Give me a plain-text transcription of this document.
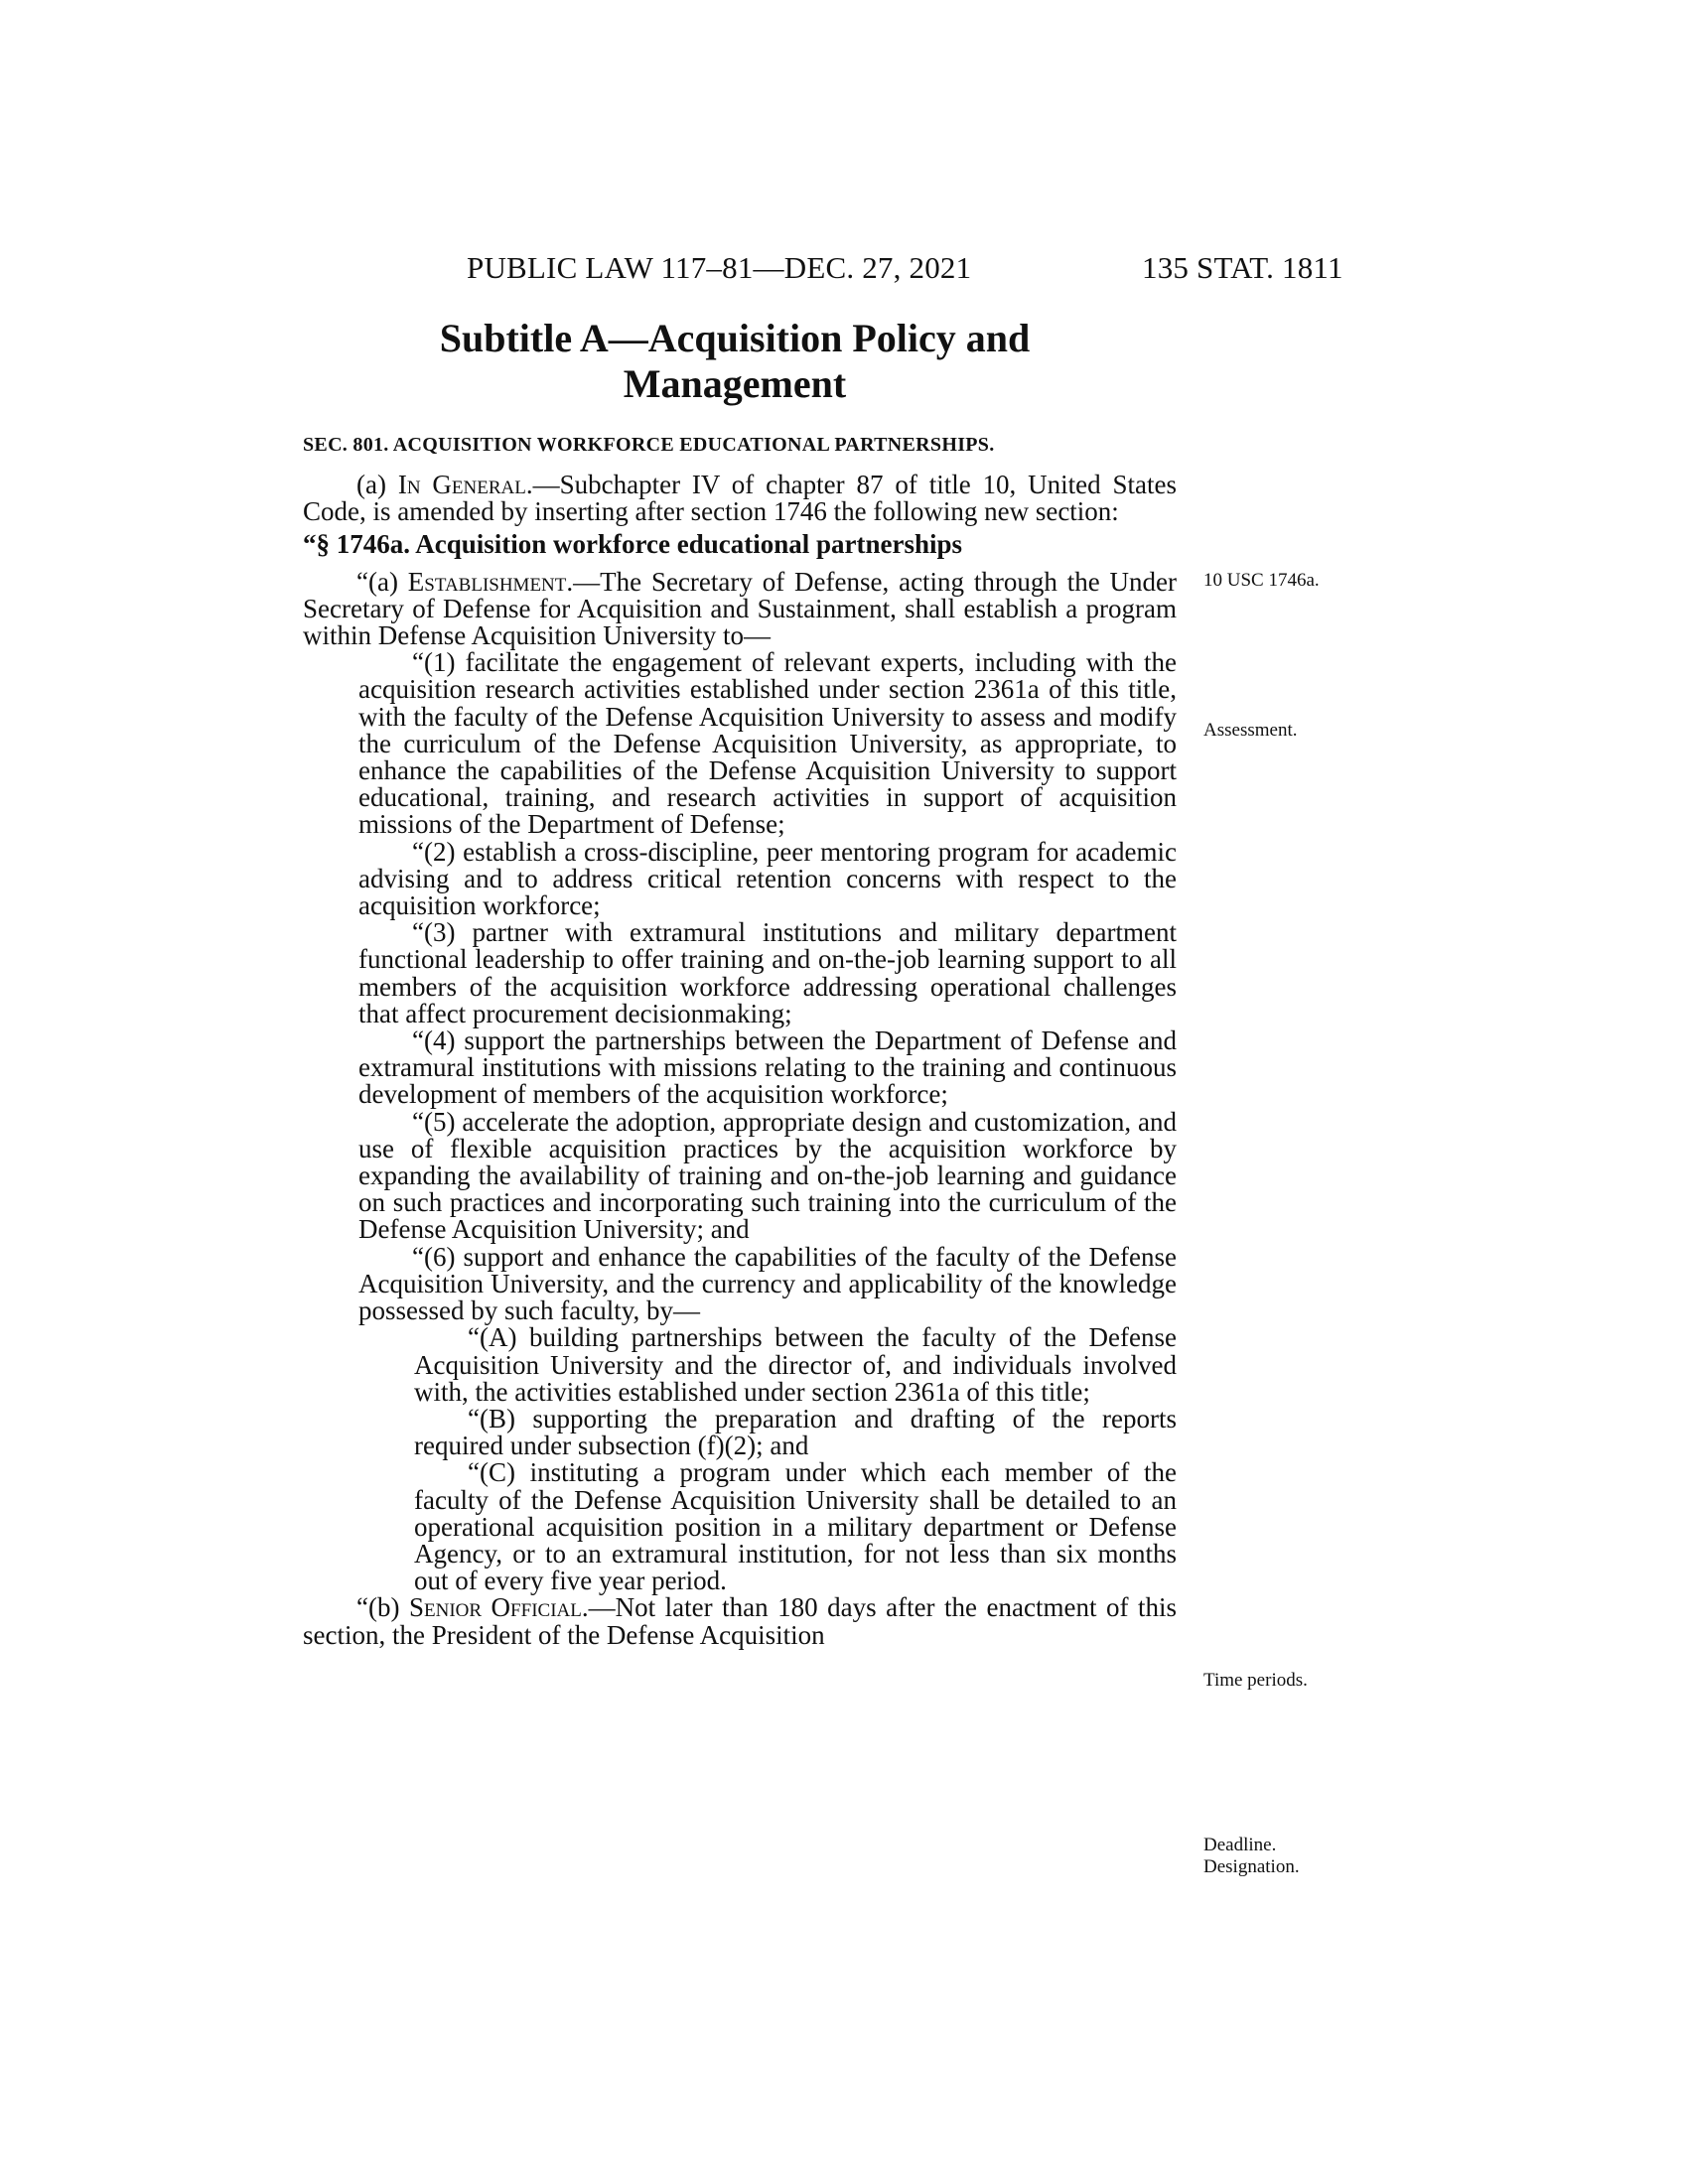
PUBLIC LAW 117–81—DEC. 27, 2021	135 STAT. 1811
Subtitle A—Acquisition Policy and
Management
SEC. 801. ACQUISITION WORKFORCE EDUCATIONAL PARTNERSHIPS.

(a) In General.—Subchapter IV of chapter 87 of title 10, United States Code, is amended by inserting after section 1746 the following new section:

“§ 1746a. Acquisition workforce educational partnerships

“(a) Establishment.—The Secretary of Defense, acting through the Under Secretary of Defense for Acquisition and Sustainment, shall establish a program within Defense Acquisition University to—

“(1) facilitate the engagement of relevant experts, including with the acquisition research activities established under section 2361a of this title, with the faculty of the Defense Acquisition University to assess and modify the curriculum of the Defense Acquisition University, as appropriate, to enhance the capabilities of the Defense Acquisition University to support educational, training, and research activities in support of acquisition missions of the Department of Defense;

“(2) establish a cross-discipline, peer mentoring program for academic advising and to address critical retention concerns with respect to the acquisition workforce;

“(3) partner with extramural institutions and military department functional leadership to offer training and on-the-job learning support to all members of the acquisition workforce addressing operational challenges that affect procurement decisionmaking;

“(4) support the partnerships between the Department of Defense and extramural institutions with missions relating to the training and continuous development of members of the acquisition workforce;

“(5) accelerate the adoption, appropriate design and customization, and use of flexible acquisition practices by the acquisition workforce by expanding the availability of training and on-the-job learning and guidance on such practices and incorporating such training into the curriculum of the Defense Acquisition University; and

“(6) support and enhance the capabilities of the faculty of the Defense Acquisition University, and the currency and applicability of the knowledge possessed by such faculty, by—

“(A) building partnerships between the faculty of the Defense Acquisition University and the director of, and individuals involved with, the activities established under section 2361a of this title;

“(B) supporting the preparation and drafting of the reports required under subsection (f)(2); and

“(C) instituting a program under which each member of the faculty of the Defense Acquisition University shall be detailed to an operational acquisition position in a military department or Defense Agency, or to an extramural institution, for not less than six months out of every five year period.

“(b) Senior Official.—Not later than 180 days after the enactment of this section, the President of the Defense Acquisition

10 USC 1746a.
Assessment.
Time periods.
Deadline.
Designation.
